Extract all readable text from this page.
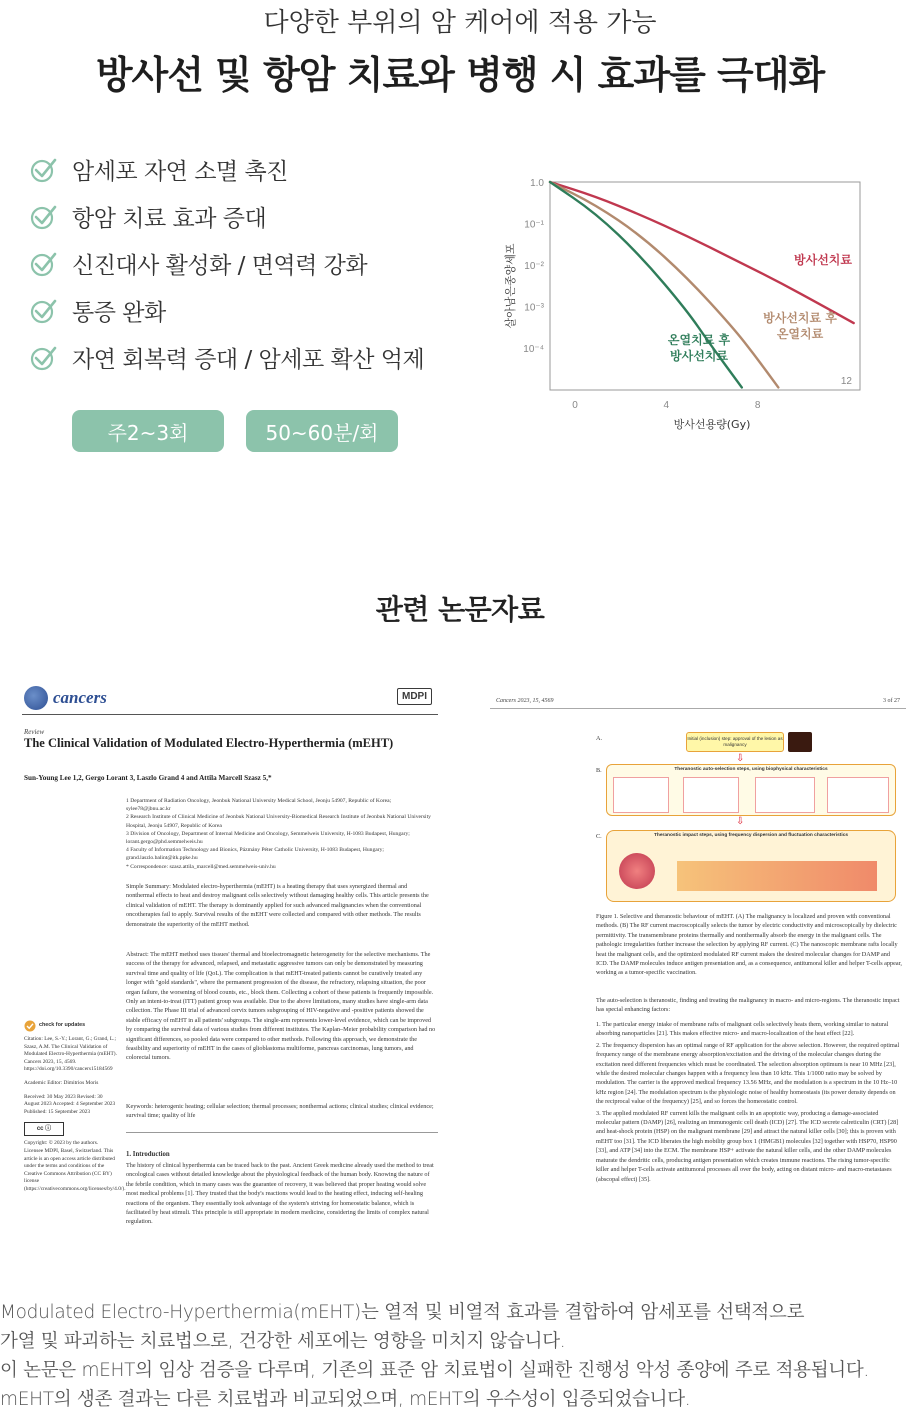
다양한 부위의 암 케어에 적용 가능
방사선 및 항암 치료와 병행 시 효과를 극대화
암세포 자연 소멸 촉진
항암 치료 효과 증대
신진대사 활성화 / 면역력 강화
통증 완화
자연 회복력 증대 / 암세포 확산 억제
주2~3회	50~60분/회
1.0
10⁻¹
10⁻²
10⁻³
10⁻⁴
0	4	8
12
방사선용량(Gy)
살아남은종양세포	방사선치료
방사선치료 후
온열치료
온열치료 후
방사선치료
관련 논문자료
cancers	MDPI
Review
The Clinical Validation of Modulated Electro-Hyperthermia (mEHT)
Sun-Young Lee 1,2, Gergo Lorant 3, Laszlo Grand 4 and Attila Marcell Szasz 5,*
1 Department of Radiation Oncology, Jeonbuk National University Medical School, Jeonju 54907, Republic of Korea; sylee78@jbnu.ac.kr
2 Research Institute of Clinical Medicine of Jeonbuk National University-Biomedical Research Institute of Jeonbuk National University Hospital, Jeonju 54907, Republic of Korea
3 Division of Oncology, Department of Internal Medicine and Oncology, Semmelweis University, H-1083 Budapest, Hungary; lorant.gergo@phd.semmelweis.hu
4 Faculty of Information Technology and Bionics, Pázmány Péter Catholic University, H-1083 Budapest, Hungary; grand.laszlo.balint@itk.ppke.hu
* Correspondence: szasz.attila_marcell@med.semmelweis-univ.hu
Simple Summary: Modulated electro-hyperthermia (mEHT) is a heating therapy that uses synergized thermal and nonthermal effects to heat and destroy malignant cells selectively without damaging healthy cells. This article presents the clinical validation of mEHT. The therapy is dominantly applied for such advanced malignancies when the conventional oncotherapies fail to apply. Survival results of the mEHT were collected and compared with other methods. The results demonstrate the superiority of the mEHT method.
Abstract: The mEHT method uses tissues' thermal and bioelectromagnetic heterogeneity for the selective mechanisms. The success of the therapy for advanced, relapsed, and metastatic aggressive tumors can only be demonstrated by measuring survival time and quality of life (QoL). The complication is that mEHT-treated patients cannot be curatively treated any longer with "gold standards", where the permanent progression of the disease, the refractory, relapsing situation, the poor organ failure, the worsening of blood counts, etc., block them. Collecting a cohort of these patients is frequently impossible. Only an intent-to-treat (ITT) patient group was available. Due to the above limitations, many studies have single-arm data collection. The Phase III trial of advanced cervix tumors subgrouping of HIV-negative and -positive patients showed the stable efficacy of mEHT in all patients' subgroups. The single-arm represents lower-level evidence, which can be improved by comparing the survival data of various studies from different institutes. The Kaplan–Meier probability comparison had no significant differences, so pooled data were compared to other methods. Following this approach, we demonstrate the feasibility and superiority of mEHT in the cases of glioblastoma multiforme, pancreas carcinomas, lung tumors, and colorectal tumors.
Keywords: heterogenic heating; cellular selection; thermal processes; nonthermal actions; clinical studies; clinical evidence; survival time; quality of life
1. Introduction
The history of clinical hyperthermia can be traced back to the past. Ancient Greek medicine already used the method to treat oncological cases without detailed knowledge about the physiological feedback of the human body. Knowing the nature of the febrile condition, which in many cases was the guarantee of recovery, it was believed that proper heating would solve most medical problems [1]. They trusted that the body's reactions would lead to the heating effect, inducing self-healing reactions of the organism. They essentially took advantage of the system's striving for homeostatic balance, which is facilitated by heat stimuli. This principle is still appropriate in modern medicine, considering the limits of complex natural regulation.
check for updates
Citation: Lee, S.-Y.; Lorant, G.; Grand, L.; Szasz, A.M. The Clinical Validation of Modulated Electro-Hyperthermia (mEHT). Cancers 2023, 15, 4569. https://doi.org/10.3390/cancers15184569
Academic Editor: Dimitrios Moris
Received: 30 May 2023 Revised: 30 August 2023 Accepted: 4 September 2023 Published: 15 September 2023
cc ⓘ
Copyright: © 2023 by the authors. Licensee MDPI, Basel, Switzerland. This article is an open access article distributed under the terms and conditions of the Creative Commons Attribution (CC BY) license (https://creativecommons.org/licenses/by/4.0/).
Cancers 2023, 15, 4569	3 of 27
A.	Initial (inclusion) step: approval of the lesion as malignancy
⇩
B.	Theranostic auto-selection steps, using biophysical characteristics
⇩
C.	Theranostic impact steps, using frequency dispersion and fluctuation characteristics
Figure 1. Selective and theranostic behaviour of mEHT. (A) The malignancy is localized and proven with conventional methods. (B) The RF current macroscopically selects the tumor by electric conductivity and microscopically by dielectric permittivity. The transmembrane proteins thermally and nonthermally absorb the energy in the malignant cells. The pathologic irregularities further increase the selection by applying RF current. (C) The nanoscopic membrane rafts locally heat the malignant cells, and the optimized modulated RF current makes the desired molecular changes for DAMP and ICD. The DAMP molecules induce antigen presentation and, as a consequence, antitumoral killer and helper T-cells appear, working as a tumor-specific vaccination.
The auto-selection is theranostic, finding and treating the malignancy in macro- and micro-regions. The theranostic impact has special enhancing factors:
1. The particular energy intake of membrane rafts of malignant cells selectively heats them, working similar to natural absorbing nanoparticles [21]. This makes effective micro- and macro-localization of the heat effect [22].
2. The frequency dispersion has an optimal range of RF application for the above selection. However, the required optimal frequency range of the membrane energy absorption/excitation and the driving of the molecular changes during the excitation need different frequencies which must be coordinated. The selection absorption optimum is near 10 MHz [23], while the desired molecular changes happen with a frequency less than 10 kHz. This 1/1000 ratio may be solved by modulation. The carrier is the approved medical frequency 13.56 MHz, and the modulation is a spectrum in the 10 Hz–10 kHz region [24]. The modulation spectrum is the physiologic noise of healthy homeostasis (its power density depends on the reciprocal value of the frequency) [25], and so forces the homeostatic control.
3. The applied modulated RF current kills the malignant cells in an apoptotic way, producing a damage-associated molecular pattern (DAMP) [26], realizing an immunogenic cell death (ICD) [27]. The ICD secrete calreticulin (CRT) [28] and heat-shock protein (HSP) on the malignant membrane [29] and attract the natural killer cells [30]; this is proven with mEHT too [31]. The ICD liberates the high mobility group box 1 (HMGB1) molecules [32] together with HSP70, HSP90 [33], and ATP [34] into the ECM. The membrane HSP+ activate the natural killer cells, and the other DAMP molecules maturate the dendritic cells, producing antigen presentation which creates immune reactions. The rising tumor-specific killer and helper T-cells activate antitumoral processes all over the body, acting on distant micro- and macro-metastases (abscopal effect) [35].
Modulated Electro-Hyperthermia(mEHT)는 열적 및 비열적 효과를 결합하여 암세포를 선택적으로
가열 및 파괴하는 치료법으로, 건강한 세포에는 영향을 미치지 않습니다.
이 논문은 mEHT의 임상 검증을 다루며, 기존의 표준 암 치료법이 실패한 진행성 악성 종양에 주로 적용됩니다.
mEHT의 생존 결과는 다른 치료법과 비교되었으며, mEHT의 우수성이 입증되었습니다.
